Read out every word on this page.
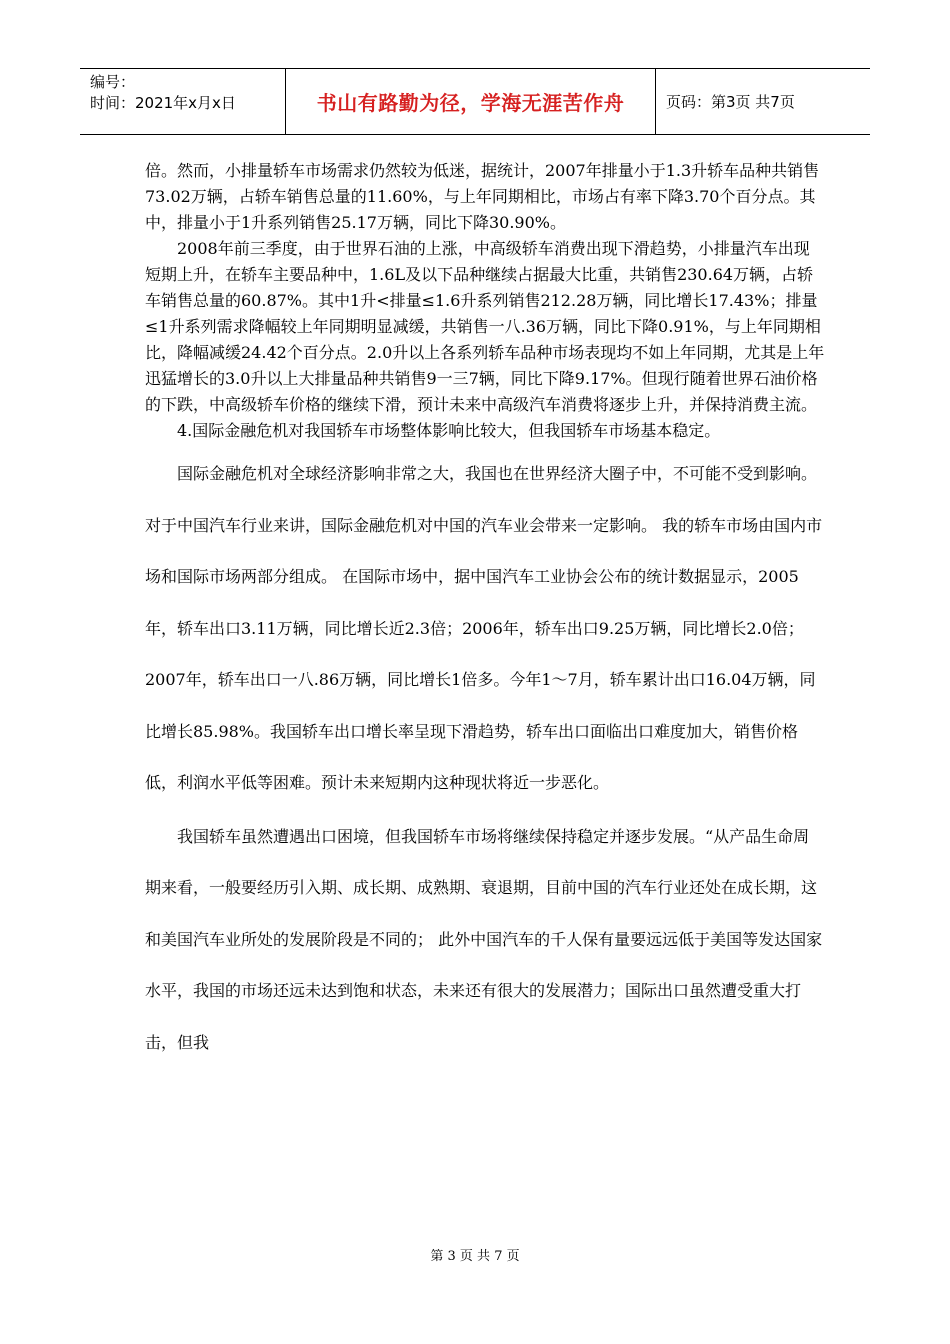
编号：
时间：2021年x月x日	书山有路勤为径，学海无涯苦作舟	页码：第3页 共7页

倍。然而，小排量轿车市场需求仍然较为低迷，据统计，2007年排量小于1.3升轿车品种共销售73.02万辆，占轿车销售总量的11.60%，与上年同期相比，市场占有率下降3.70个百分点。其中，排量小于1升系列销售25.17万辆，同比下降30.90%。

　　2008年前三季度，由于世界石油的上涨，中高级轿车消费出现下滑趋势，小排量汽车出现短期上升，在轿车主要品种中，1.6L及以下品种继续占据最大比重，共销售230.64万辆，占轿车销售总量的60.87%。其中1升<排量≤1.6升系列销售212.28万辆，同比增长17.43%；排量≤1升系列需求降幅较上年同期明显减缓，共销售一八.36万辆，同比下降0.91%，与上年同期相比，降幅减缓24.42个百分点。2.0升以上各系列轿车品种市场表现均不如上年同期，尤其是上年迅猛增长的3.0升以上大排量品种共销售9一三7辆，同比下降9.17%。但现行随着世界石油价格的下跌，中高级轿车价格的继续下滑，预计未来中高级汽车消费将逐步上升，并保持消费主流。

　　4.国际金融危机对我国轿车市场整体影响比较大，但我国轿车市场基本稳定。

　　国际金融危机对全球经济影响非常之大，我国也在世界经济大圈子中，不可能不受到影响。对于中国汽车行业来讲，国际金融危机对中国的汽车业会带来一定影响。 我的轿车市场由国内市场和国际市场两部分组成。 在国际市场中，据中国汽车工业协会公布的统计数据显示，2005年，轿车出口3.11万辆，同比增长近2.3倍；2006年，轿车出口9.25万辆，同比增长2.0倍；2007年，轿车出口一八.86万辆，同比增长1倍多。今年1～7月，轿车累计出口16.04万辆，同比增长85.98%。我国轿车出口增长率呈现下滑趋势，轿车出口面临出口难度加大，销售价格低，利润水平低等困难。预计未来短期内这种现状将近一步恶化。

　　我国轿车虽然遭遇出口困境，但我国轿车市场将继续保持稳定并逐步发展。“从产品生命周期来看，一般要经历引入期、成长期、成熟期、衰退期，目前中国的汽车行业还处在成长期，这和美国汽车业所处的发展阶段是不同的； 此外中国汽车的千人保有量要远远低于美国等发达国家水平，我国的市场还远未达到饱和状态，未来还有很大的发展潜力；国际出口虽然遭受重大打击，但我

第 3 页 共 7 页
